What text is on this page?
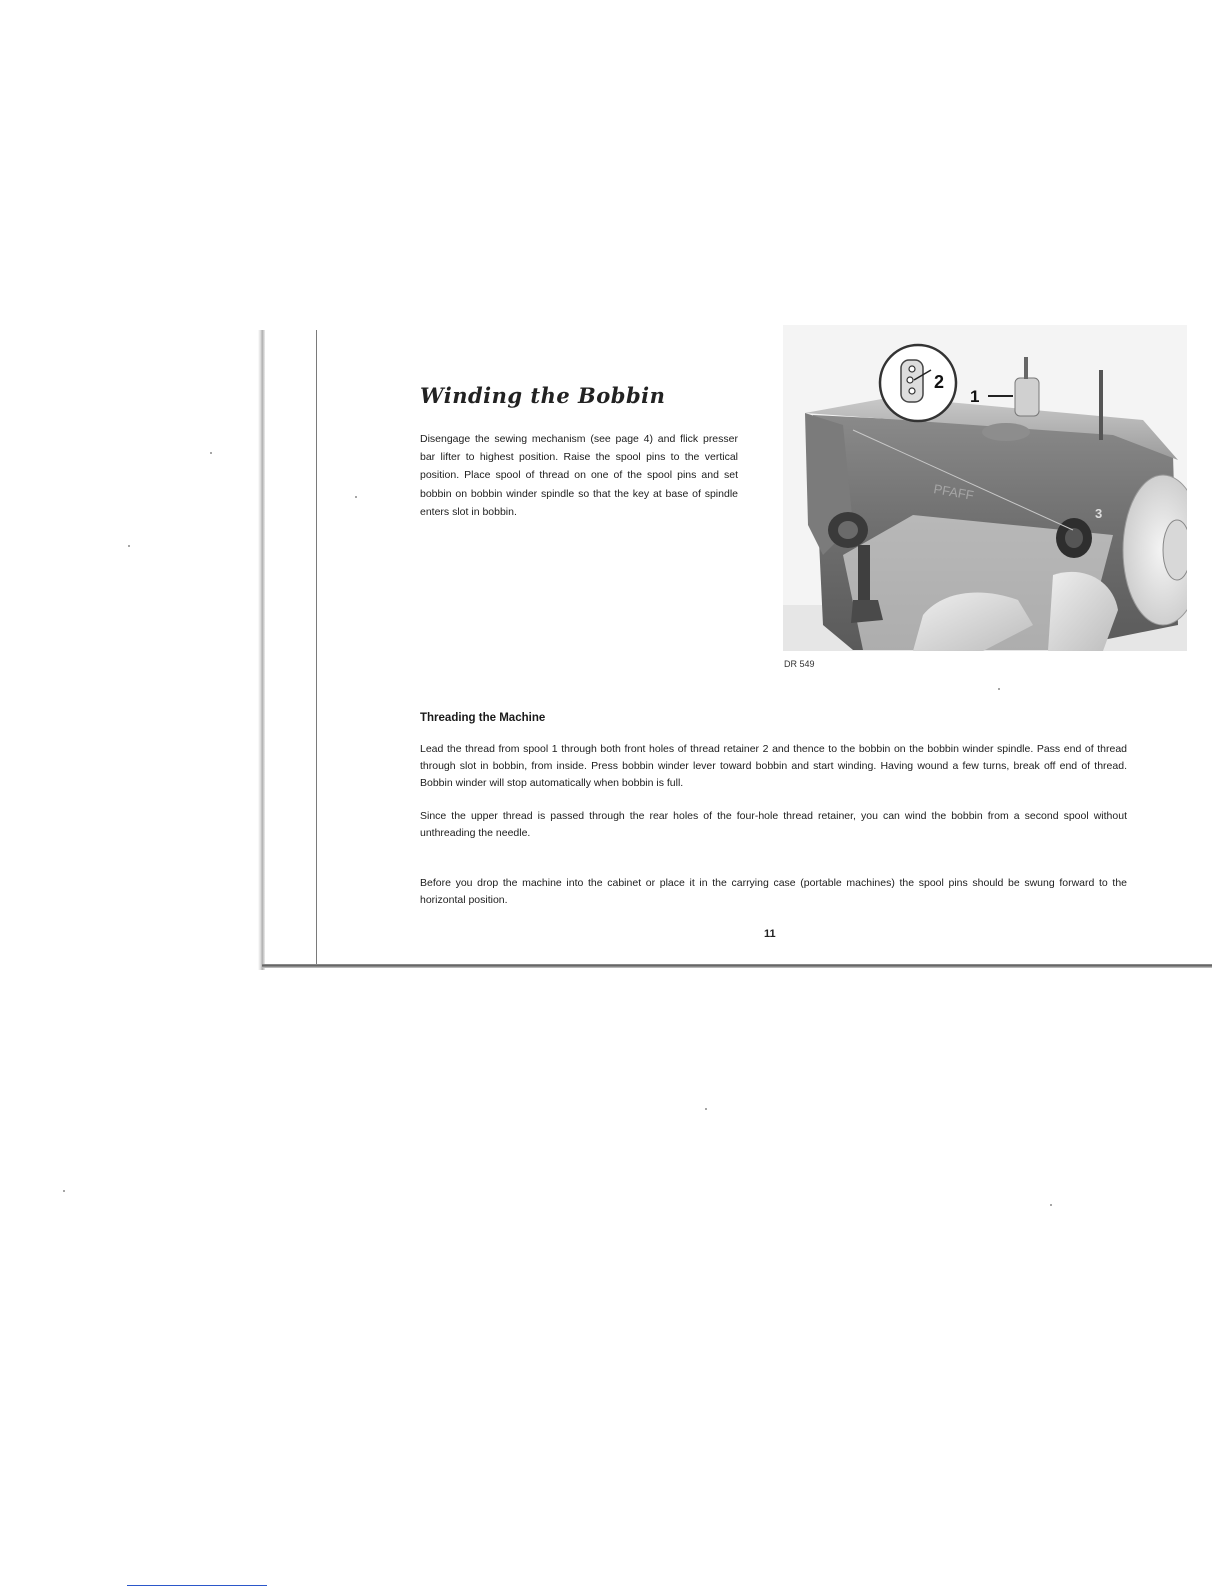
Winding the Bobbin
Disengage the sewing mechanism (see page 4) and flick presser bar lifter to highest position. Raise the spool pins to the vertical position. Place spool of thread on one of the spool pins and set bobbin on bobbin winder spindle so that the key at base of spindle enters slot in bobbin.
1
2
3
PFAFF
DR 549
Threading the Machine
Lead the thread from spool 1 through both front holes of thread retainer 2 and thence to the bobbin on the bobbin winder spindle. Pass end of thread through slot in bobbin, from inside. Press bobbin winder lever toward bobbin and start winding. Having wound a few turns, break off end of thread. Bobbin winder will stop automatically when bobbin is full.
Since the upper thread is passed through the rear holes of the four-hole thread retainer, you can wind the bobbin from a second spool without unthreading the needle.
Before you drop the machine into the cabinet or place it in the carrying case (portable machines) the spool pins should be swung forward to the horizontal position.
11
